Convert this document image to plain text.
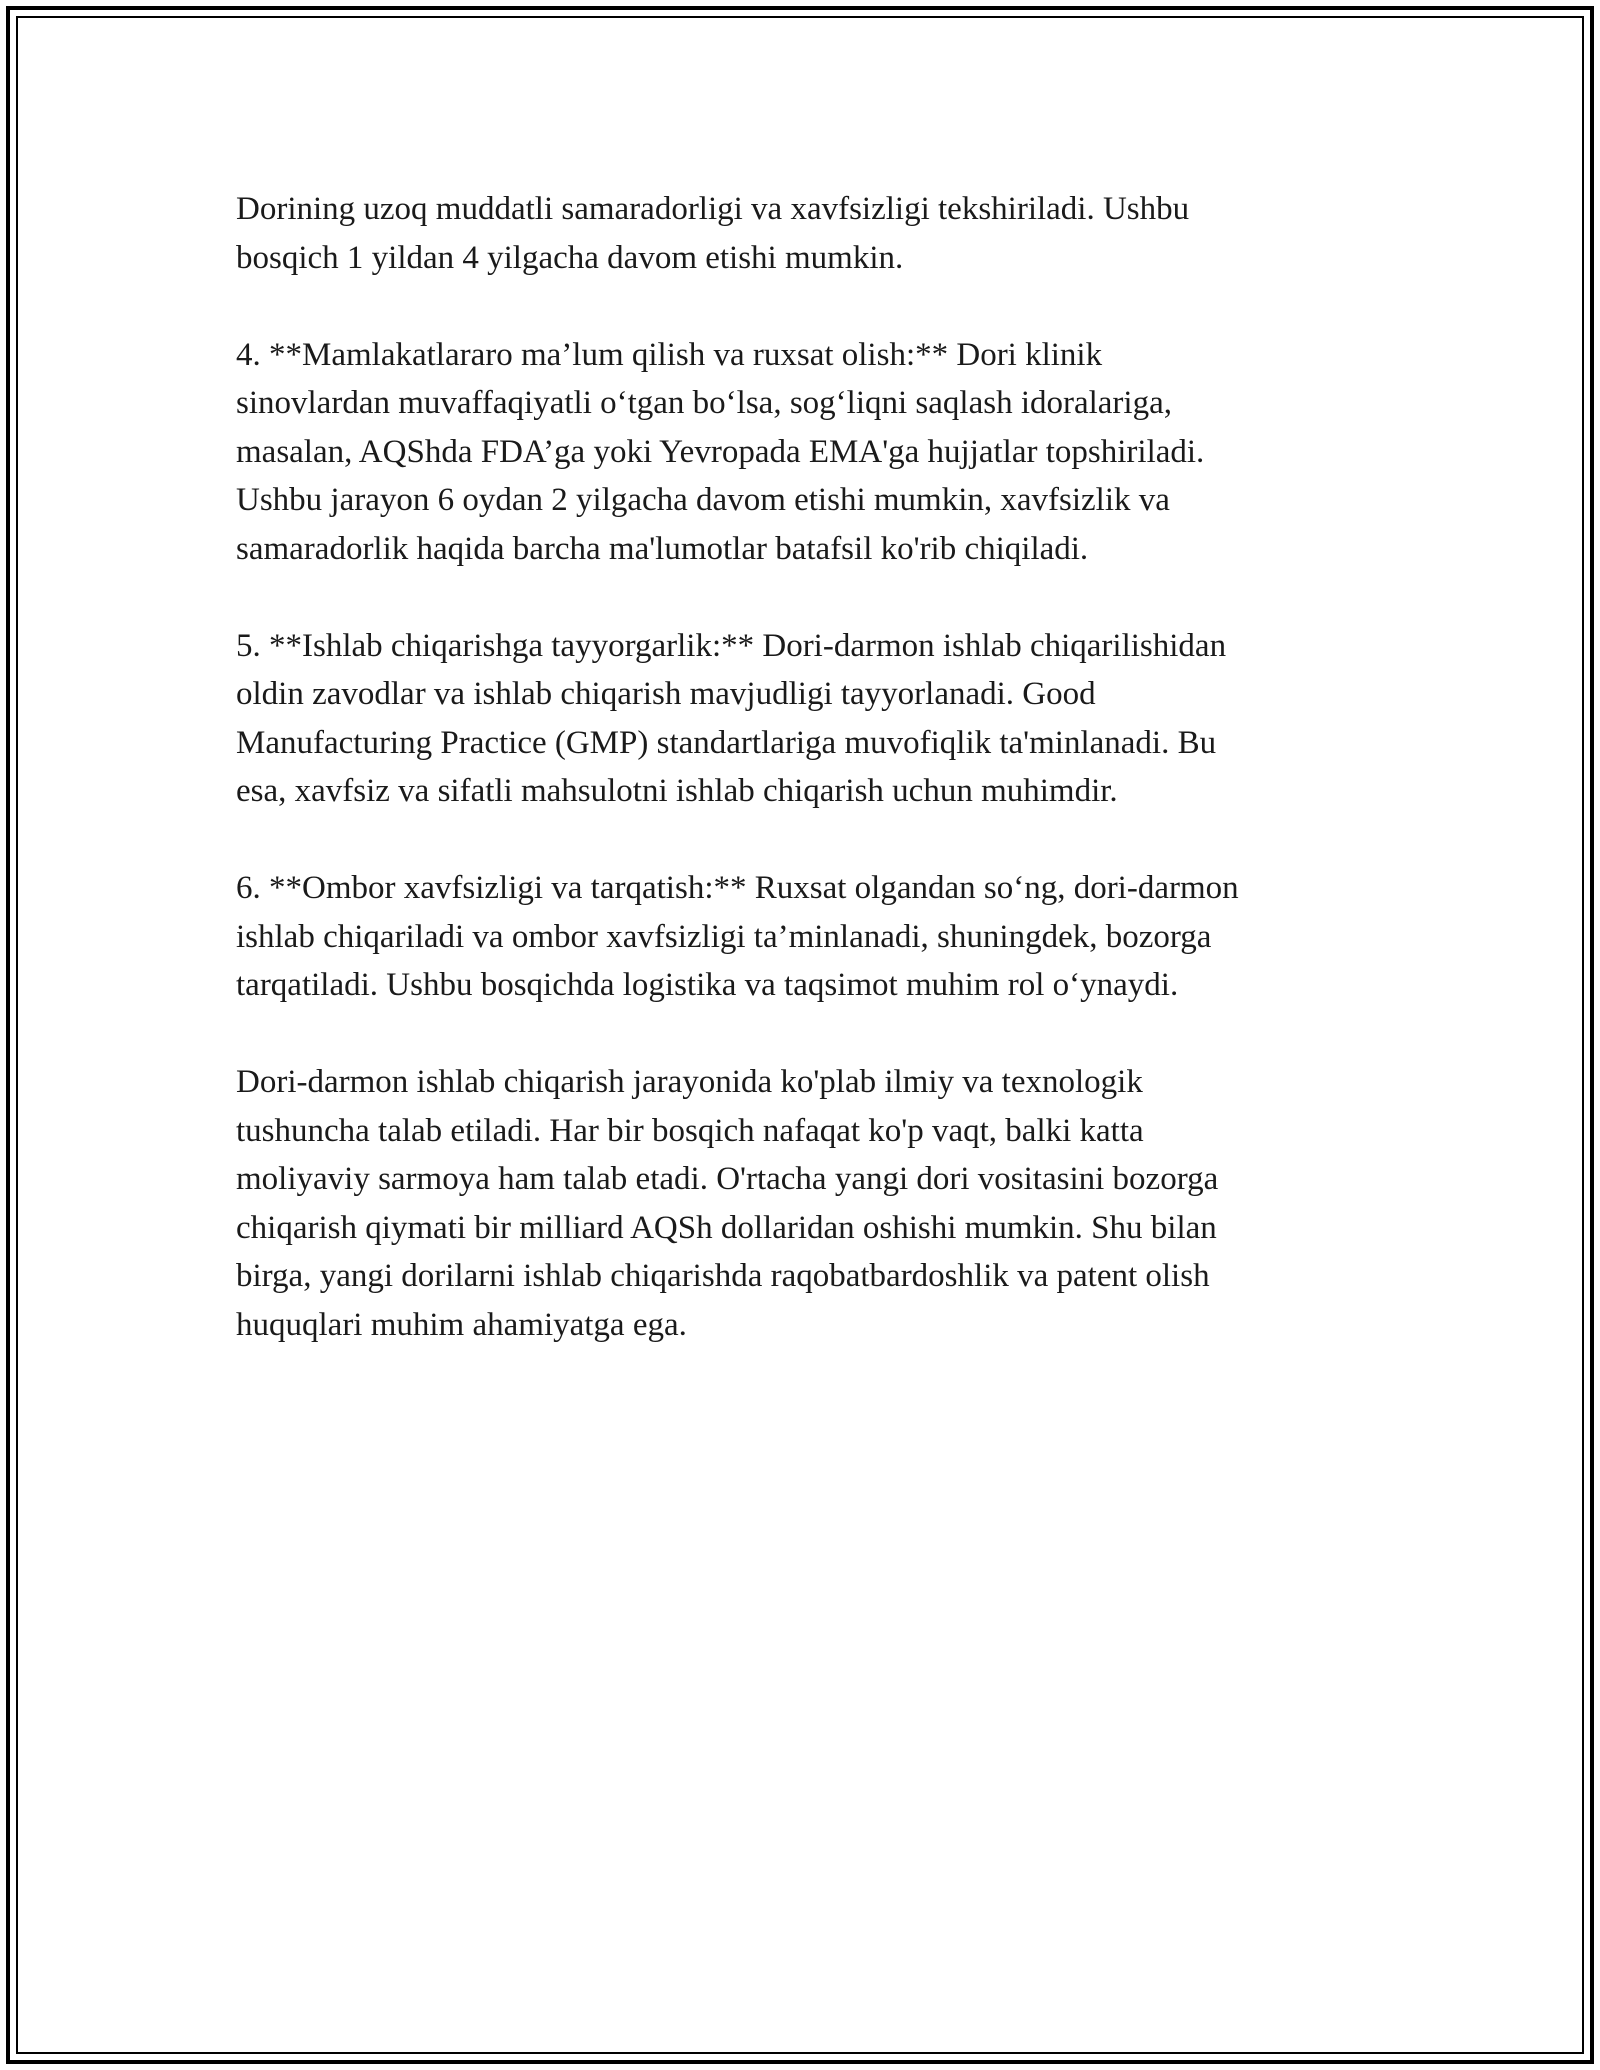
Dorining uzoq muddatli samaradorligi va xavfsizligi tekshiriladi. Ushbu
bosqich 1 yildan 4 yilgacha davom etishi mumkin.

4. **Mamlakatlararo ma’lum qilish va ruxsat olish:** Dori klinik
sinovlardan muvaffaqiyatli o‘tgan bo‘lsa, sog‘liqni saqlash idoralariga,
masalan, AQShda FDA’ga yoki Yevropada EMA'ga hujjatlar topshiriladi.
Ushbu jarayon 6 oydan 2 yilgacha davom etishi mumkin, xavfsizlik va
samaradorlik haqida barcha ma'lumotlar batafsil ko'rib chiqiladi.

5. **Ishlab chiqarishga tayyorgarlik:** Dori-darmon ishlab chiqarilishidan
oldin zavodlar va ishlab chiqarish mavjudligi tayyorlanadi. Good
Manufacturing Practice (GMP) standartlariga muvofiqlik ta'minlanadi. Bu
esa, xavfsiz va sifatli mahsulotni ishlab chiqarish uchun muhimdir.

6. **Ombor xavfsizligi va tarqatish:** Ruxsat olgandan so‘ng, dori-darmon
ishlab chiqariladi va ombor xavfsizligi ta’minlanadi, shuningdek, bozorga
tarqatiladi. Ushbu bosqichda logistika va taqsimot muhim rol o‘ynaydi.

Dori-darmon ishlab chiqarish jarayonida ko'plab ilmiy va texnologik
tushuncha talab etiladi. Har bir bosqich nafaqat ko'p vaqt, balki katta
moliyaviy sarmoya ham talab etadi. O'rtacha yangi dori vositasini bozorga
chiqarish qiymati bir milliard AQSh dollaridan oshishi mumkin. Shu bilan
birga, yangi dorilarni ishlab chiqarishda raqobatbardoshlik va patent olish
huquqlari muhim ahamiyatga ega.
